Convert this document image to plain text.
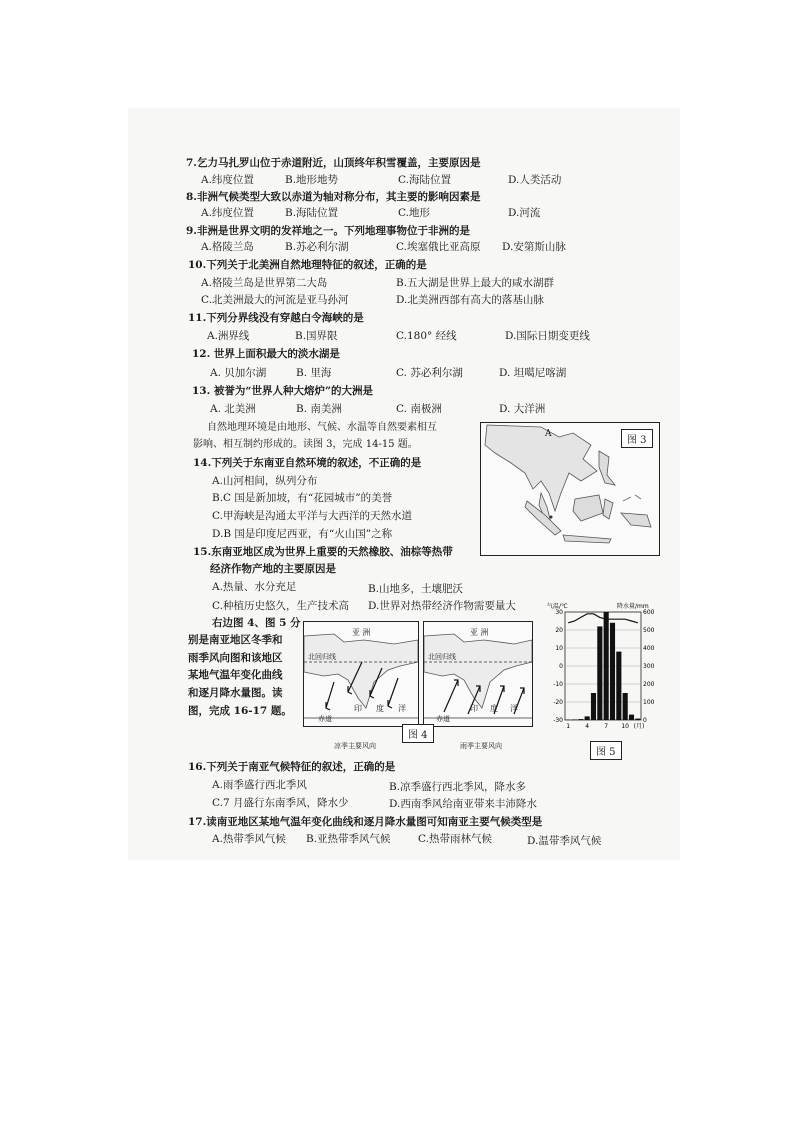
7.乞力马扎罗山位于赤道附近，山顶终年积雪覆盖，主要原因是
A.纬度位置	B.地形地势	C.海陆位置	D.人类活动
8.非洲气候类型大致以赤道为轴对称分布，其主要的影响因素是
A.纬度位置	B.海陆位置	C.地形	D.河流
9.非洲是世界文明的发祥地之一。下列地理事物位于非洲的是
A.格陵兰岛	B.苏必利尔湖	C.埃塞俄比亚高原 D.安第斯山脉
10.下列关于北美洲自然地理特征的叙述，正确的是
A.格陵兰岛是世界第二大岛	B.五大湖是世界上最大的咸水湖群
C.北美洲最大的河流是亚马孙河	D.北美洲西部有高大的落基山脉
11.下列分界线没有穿越白令海峡的是
A.洲界线	B.国界限	C.180° 经线	D.国际日期变更线
12. 世界上面积最大的淡水湖是
A. 贝加尔湖	B. 里海	C. 苏必利尔湖	D. 坦噶尼喀湖
13. 被誉为“世界人种大熔炉”的大洲是
A. 北美洲	B. 南美洲	C. 南极洲	D. 大洋洲
自然地理环境是由地形、气候、水温等自然要素相互
影响、相互制约形成的。读图 3，完成 14-15 题。
A
图 3
14.下列关于东南亚自然环境的叙述，不正确的是
A.山河相间，纵列分布
B.C 国是新加坡，有“花园城市”的美誉
C.甲海峡是沟通太平洋与大西洋的天然水道
D.B 国是印度尼西亚，有“火山国”之称
15.东南亚地区成为世界上重要的天然橡胶、油棕等热带
经济作物产地的主要原因是
A.热量、水分充足	B.山地多，土壤肥沃
C.种植历史悠久，生产技术高 D.世界对热带经济作物需要量大
右边图 4、图 5 分
别是南亚地区冬季和
雨季风向图和该地区
某地气温年变化曲线
和逐月降水量图。读
图，完成 16-17 题。
亚 洲
北回归线
印 度 洋
赤道
亚 洲
北回归线
印 度 洋
赤道
图 4
凉季主要风向	雨季主要风向
30
20
10
0
-10
-20
-30
600
500
400
300
200
100
0
1	4	7 10 (月)
气温/℃	降水量/mm
图 5
16.下列关于南亚气候特征的叙述，正确的是
A.雨季盛行西北季风	B.凉季盛行西北季风，降水多
C.7 月盛行东南季风，降水少	D.西南季风给南亚带来丰沛降水
17.读南亚地区某地气温年变化曲线和逐月降水量图可知南亚主要气候类型是
A.热带季风气候 B.亚热带季风气候	C.热带雨林气候	D.温带季风气候
